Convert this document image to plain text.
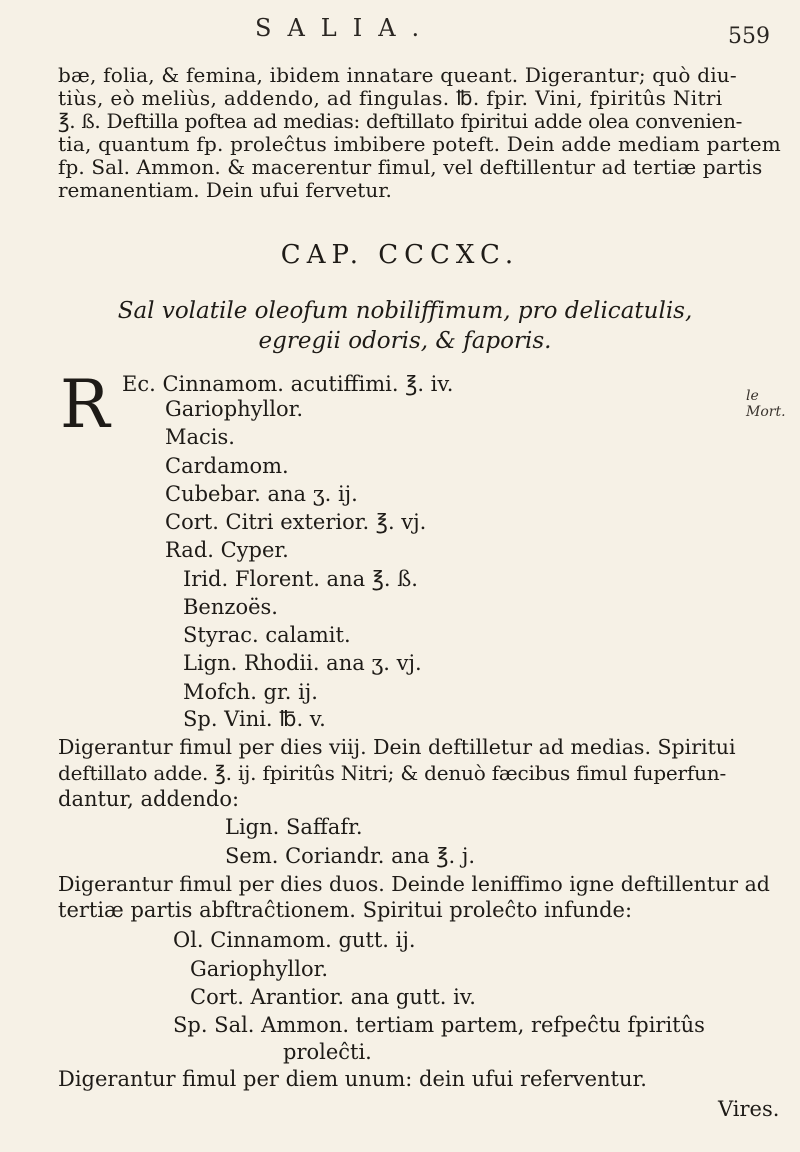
SALIA.	559
bæ, folia, & femina, ibidem innatare queant. Digerantur; quò diu-
tiùs, eò meliùs, addendo, ad fingulas. ℔. fpir. Vini, fpiritûs Nitri
℥. ß. Deftilla poftea ad medias: deftillato fpiritui adde olea convenien-
tia, quantum fp. proleĉtus imbibere poteft. Dein adde mediam partem
fp. Sal. Ammon. & macerentur fimul, vel deftillentur ad tertiæ partis
remanentiam. Dein ufui fervetur.
CAP. CCCXC.
Sal volatile oleofum nobiliffimum, pro delicatulis,
egregii odoris, & faporis.
R	le Mort.
Ec. Cinnamom. acutiffimi. ℥. iv.
Gariophyllor.
Macis.
Cardamom.
Cubebar. ana ʒ. ij.
Cort. Citri exterior. ℥. vj.
Rad. Cyper.
Irid. Florent. ana ℥. ß.
Benzoës.
Styrac. calamit.
Lign. Rhodii. ana ʒ. vj.
Mofch. gr. ij.
Sp. Vini. ℔. v.
Digerantur fimul per dies viij. Dein deftilletur ad medias. Spiritui
deftillato adde. ℥. ij. fpiritûs Nitri; & denuò fæcibus fimul fuperfun-
dantur, addendo:
Lign. Saffafr.
Sem. Coriandr. ana ℥. j.
Digerantur fimul per dies duos. Deinde leniffimo igne deftillentur ad
tertiæ partis abftraĉtionem. Spiritui proleĉto infunde:
Ol. Cinnamom. gutt. ij.
Gariophyllor.
Cort. Arantior. ana gutt. iv.
Sp. Sal. Ammon. tertiam partem, refpeĉtu fpiritûs
proleĉti.
Digerantur fimul per diem unum: dein ufui referventur.
Vires.
